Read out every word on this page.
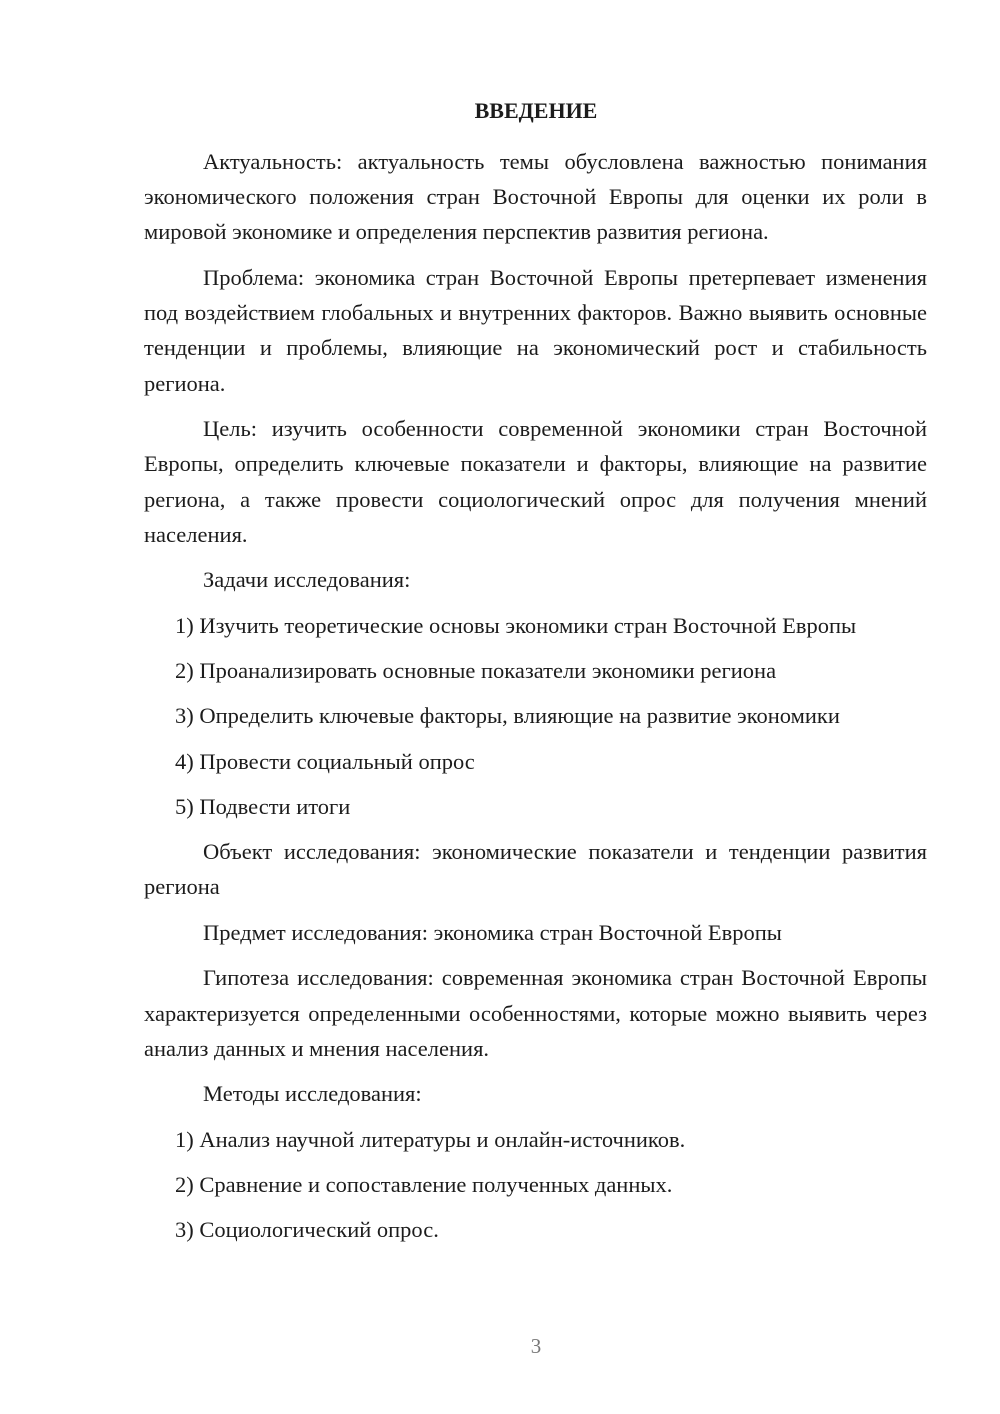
ВВЕДЕНИЕ

Актуальность: актуальность темы обусловлена важностью понимания экономического положения стран Восточной Европы для оценки их роли в мировой экономике и определения перспектив развития региона.

Проблема: экономика стран Восточной Европы претерпевает изменения под воздействием глобальных и внутренних факторов. Важно выявить основные тенденции и проблемы, влияющие на экономический рост и стабильность региона.

Цель: изучить особенности современной экономики стран Восточной Европы, определить ключевые показатели и факторы, влияющие на развитие региона, а также провести социологический опрос для получения мнений населения.

Задачи исследования:

1) Изучить теоретические основы экономики стран Восточной Европы

2) Проанализировать основные показатели экономики региона

3) Определить ключевые факторы, влияющие на развитие экономики

4) Провести социальный опрос

5) Подвести итоги

Объект исследования: экономические показатели и тенденции развития региона

Предмет исследования: экономика стран Восточной Европы

Гипотеза исследования: современная экономика стран Восточной Европы характеризуется определенными особенностями, которые можно выявить через анализ данных и мнения населения.

Методы исследования:

1) Анализ научной литературы и онлайн-источников.

2) Сравнение и сопоставление полученных данных.

3) Социологический опрос.

3
